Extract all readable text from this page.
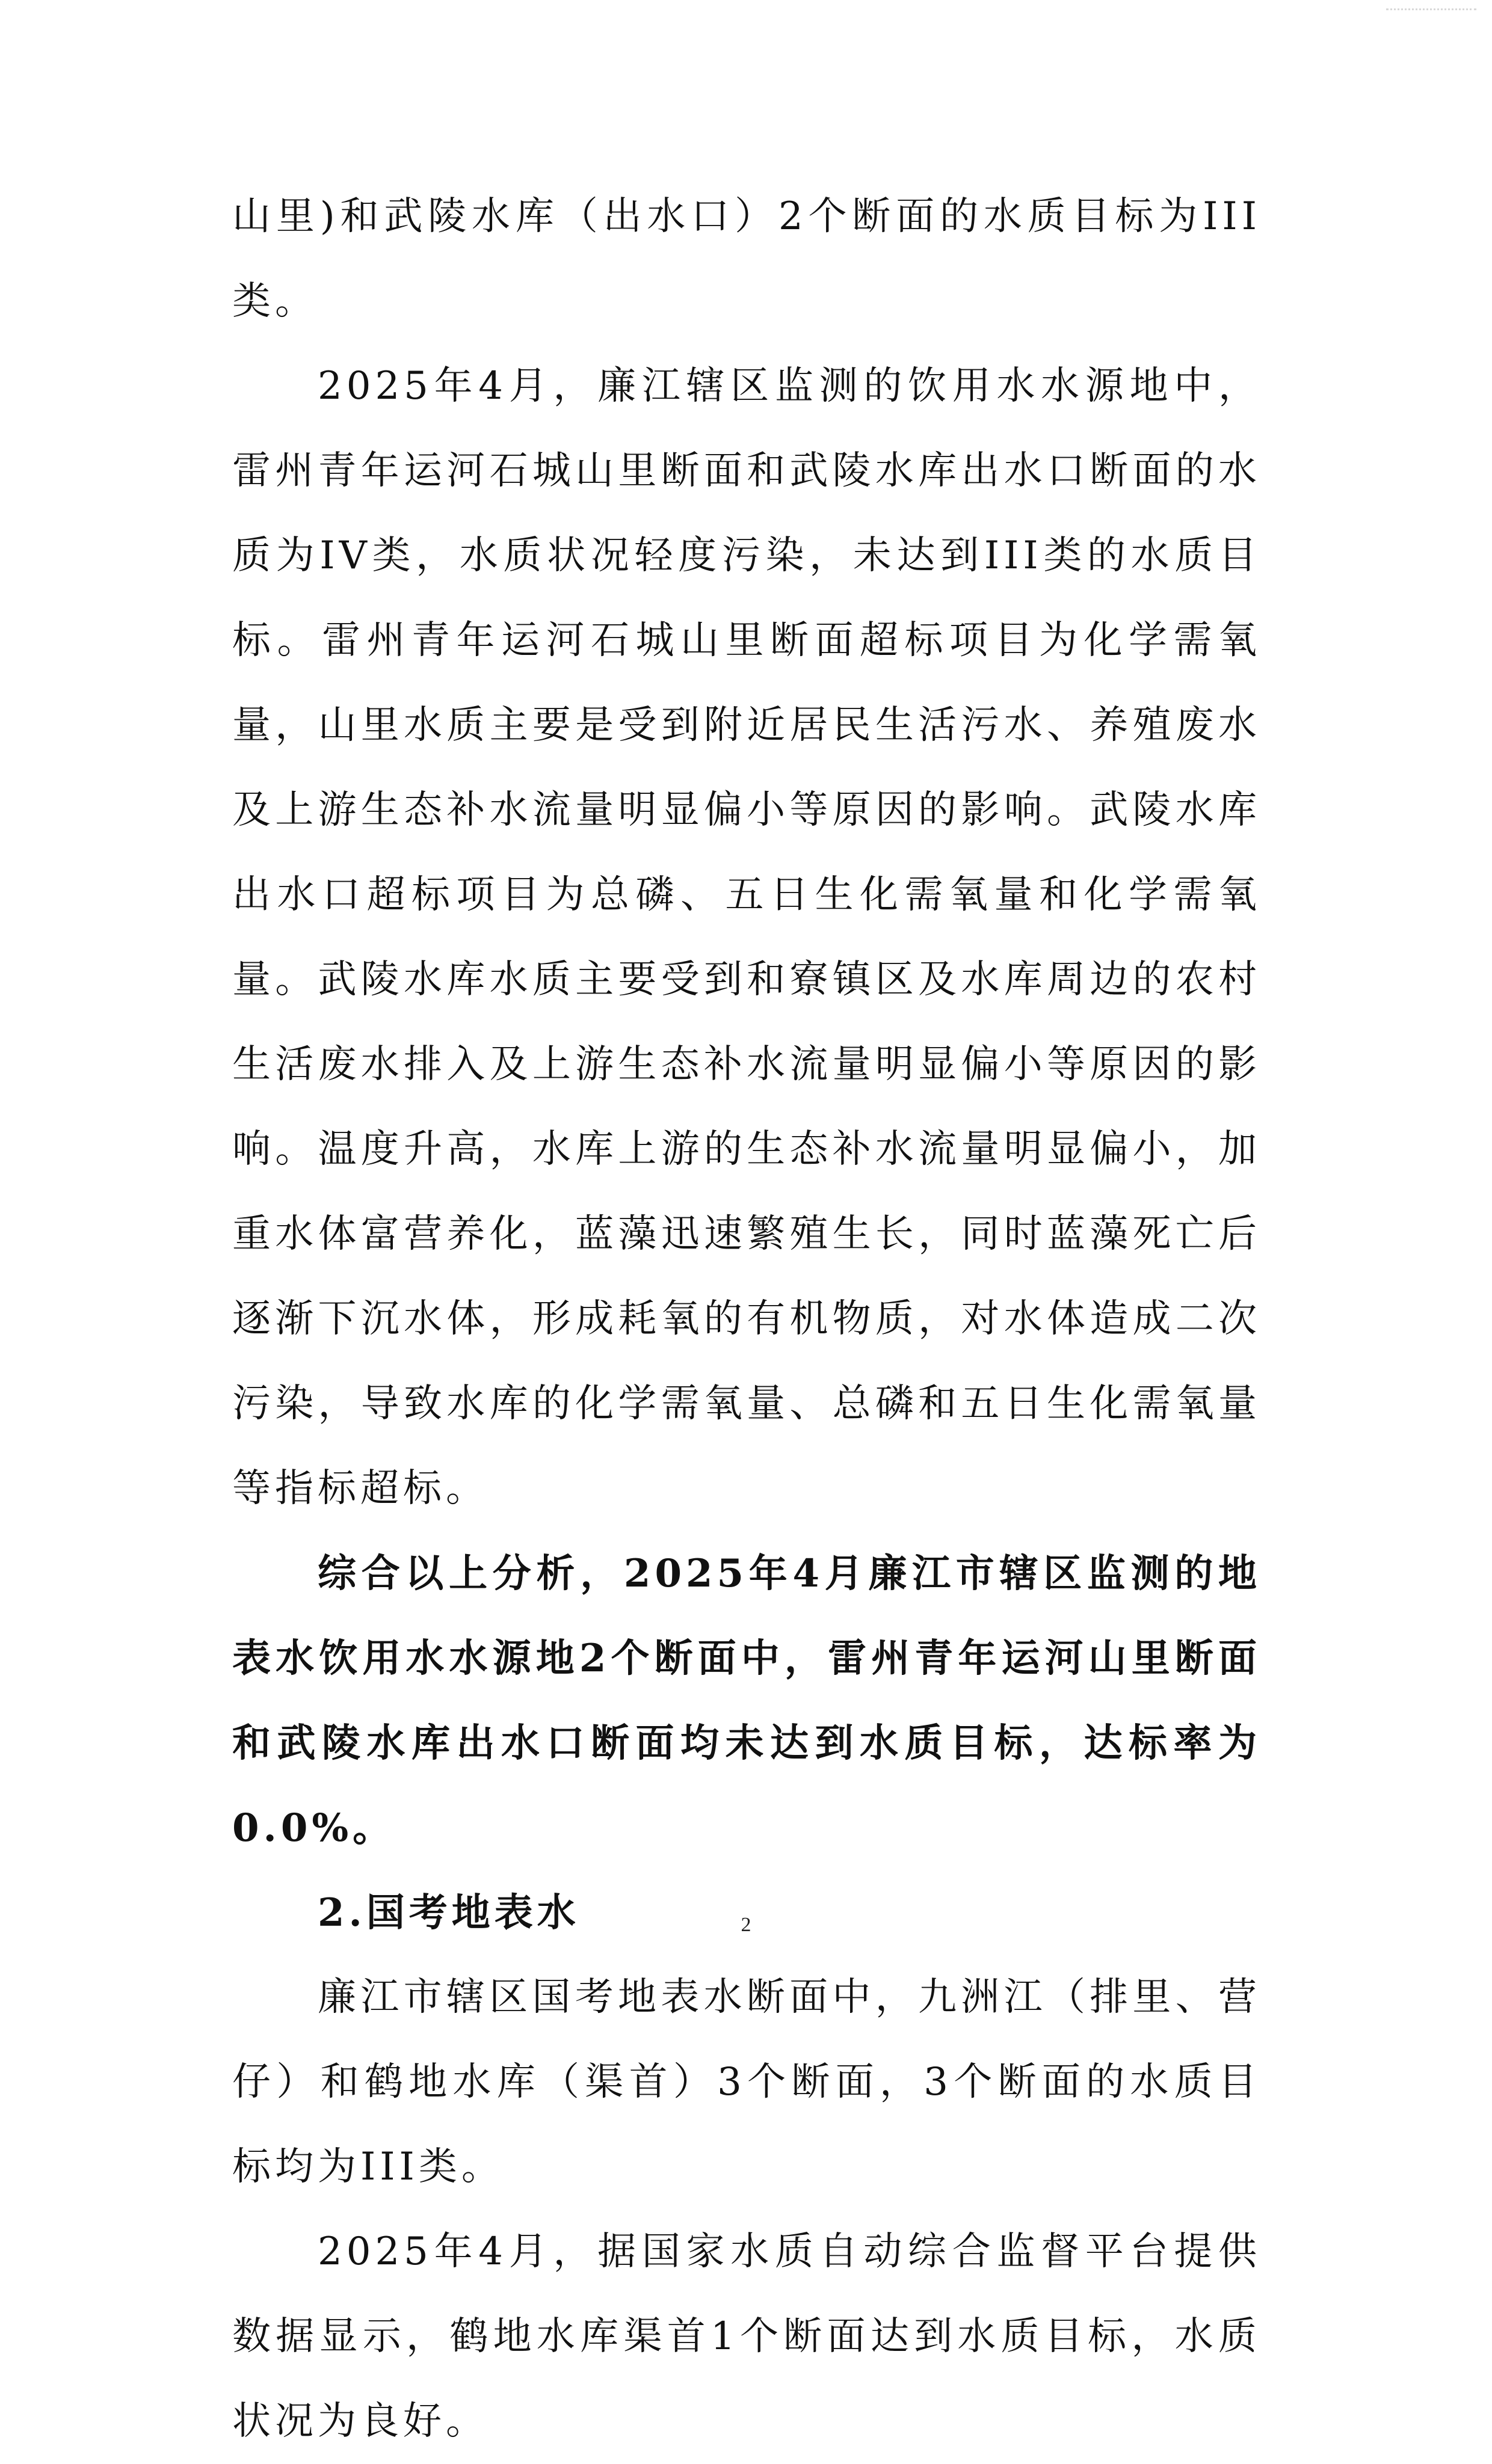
山里)和武陵水库（出水口）2个断面的水质目标为III类。

2025年4月，廉江辖区监测的饮用水水源地中，雷州青年运河石城山里断面和武陵水库出水口断面的水质为IV类，水质状况轻度污染，未达到III类的水质目标。雷州青年运河石城山里断面超标项目为化学需氧量，山里水质主要是受到附近居民生活污水、养殖废水及上游生态补水流量明显偏小等原因的影响。武陵水库出水口超标项目为总磷、五日生化需氧量和化学需氧量。武陵水库水质主要受到和寮镇区及水库周边的农村生活废水排入及上游生态补水流量明显偏小等原因的影响。温度升高，水库上游的生态补水流量明显偏小，加重水体富营养化，蓝藻迅速繁殖生长，同时蓝藻死亡后逐渐下沉水体，形成耗氧的有机物质，对水体造成二次污染，导致水库的化学需氧量、总磷和五日生化需氧量等指标超标。

综合以上分析，2025年4月廉江市辖区监测的地表水饮用水水源地2个断面中，雷州青年运河山里断面和武陵水库出水口断面均未达到水质目标，达标率为0.0%。

2.国考地表水

廉江市辖区国考地表水断面中，九洲江（排里、营仔）和鹤地水库（渠首）3个断面，3个断面的水质目标均为III类。

2025年4月，据国家水质自动综合监督平台提供数据显示，鹤地水库渠首1个断面达到水质目标，水质状况为良好。

2
